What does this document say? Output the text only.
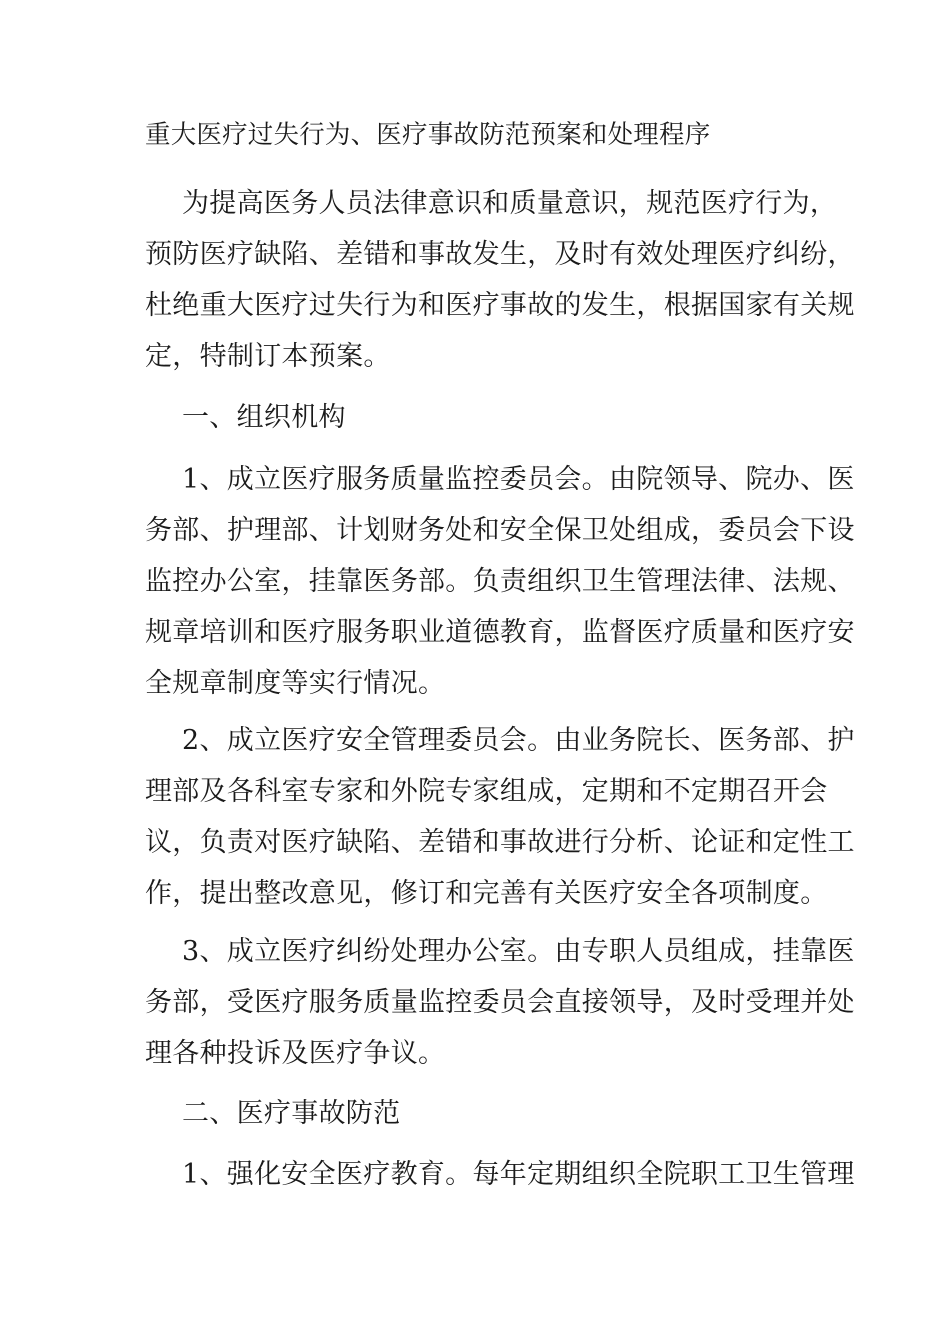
重大医疗过失行为、医疗事故防范预案和处理程序
为提高医务人员法律意识和质量意识，规范医疗行为，
预防医疗缺陷、差错和事故发生，及时有效处理医疗纠纷，
杜绝重大医疗过失行为和医疗事故的发生，根据国家有关规
定，特制订本预案。
一、组织机构
1、成立医疗服务质量监控委员会。由院领导、院办、医
务部、护理部、计划财务处和安全保卫处组成，委员会下设
监控办公室，挂靠医务部。负责组织卫生管理法律、法规、
规章培训和医疗服务职业道德教育，监督医疗质量和医疗安
全规章制度等实行情况。
2、成立医疗安全管理委员会。由业务院长、医务部、护
理部及各科室专家和外院专家组成，定期和不定期召开会
议，负责对医疗缺陷、差错和事故进行分析、论证和定性工
作，提出整改意见，修订和完善有关医疗安全各项制度。
3、成立医疗纠纷处理办公室。由专职人员组成，挂靠医
务部，受医疗服务质量监控委员会直接领导，及时受理并处
理各种投诉及医疗争议。
二、医疗事故防范
1、强化安全医疗教育。每年定期组织全院职工卫生管理
